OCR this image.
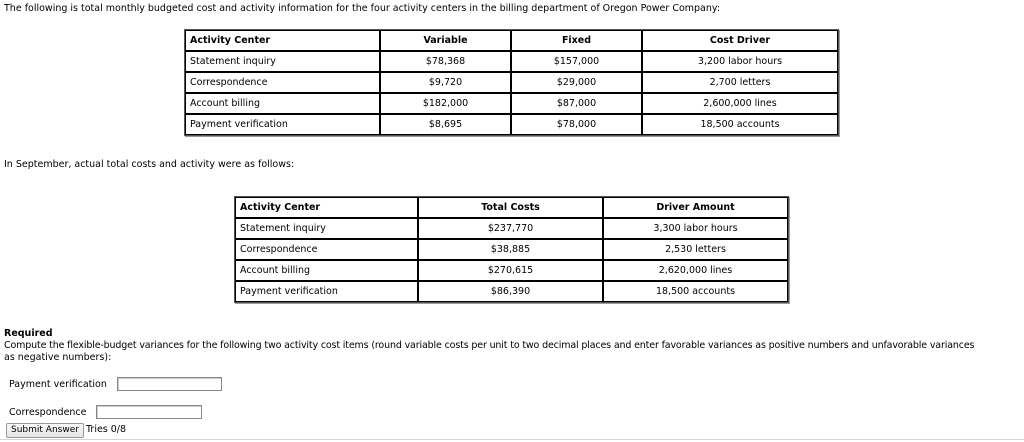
The following is total monthly budgeted cost and activity information for the four activity centers in the billing department of Oregon Power Company:
Activity Center	Variable	Fixed	Cost Driver
Statement inquiry	$78,368	$157,000	3,200 labor hours
Correspondence	$9,720	$29,000	2,700 letters
Account billing	$182,000	$87,000	2,600,000 lines
Payment verification	$8,695	$78,000	18,500 accounts
In September, actual total costs and activity were as follows:
Activity Center	Total Costs	Driver Amount
Statement inquiry	$237,770	3,300 labor hours
Correspondence	$38,885	2,530 letters
Account billing	$270,615	2,620,000 lines
Payment verification	$86,390	18,500 accounts
Required
Compute the flexible-budget variances for the following two activity cost items (round variable costs per unit to two decimal places and enter favorable variances as positive numbers and unfavorable variances
as negative numbers):
Payment verification
Correspondence
Submit Answer Tries 0/8
